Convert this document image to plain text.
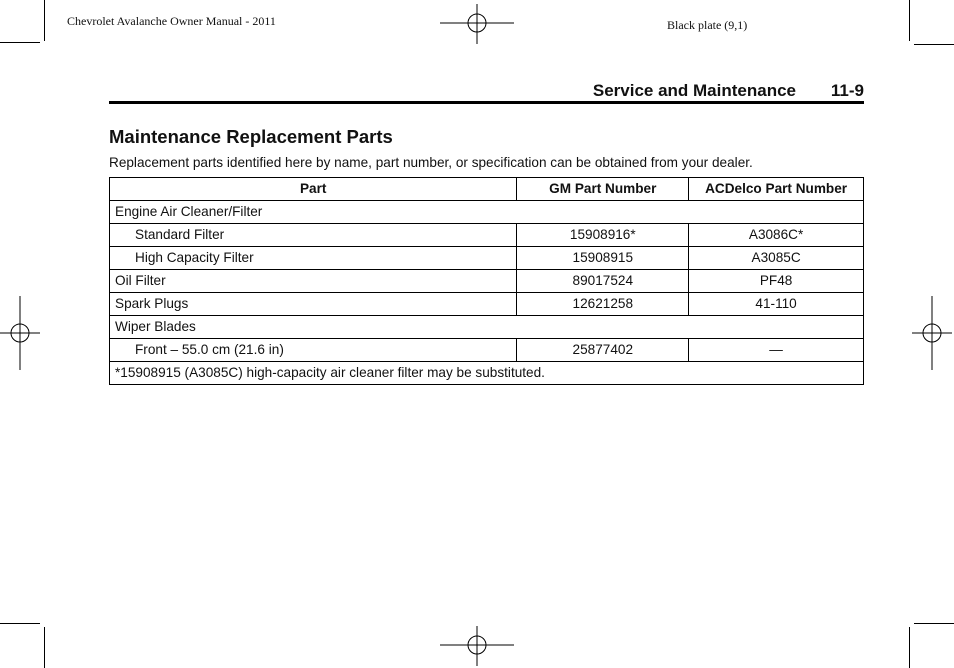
Chevrolet Avalanche Owner Manual - 2011	Black plate (9,1)
Service and Maintenance 11-9
Maintenance Replacement Parts
Replacement parts identified here by name, part number, or specification can be obtained from your dealer.
Part	GM Part Number	ACDelco Part Number
Engine Air Cleaner/Filter		
Standard Filter	15908916*	A3086C*
High Capacity Filter	15908915	A3085C
Oil Filter	89017524	PF48
Spark Plugs	12621258	41-110
Wiper Blades		
Front – 55.0 cm (21.6 in)	25877402	—
*15908915 (A3085C) high-capacity air cleaner filter may be substituted.		
